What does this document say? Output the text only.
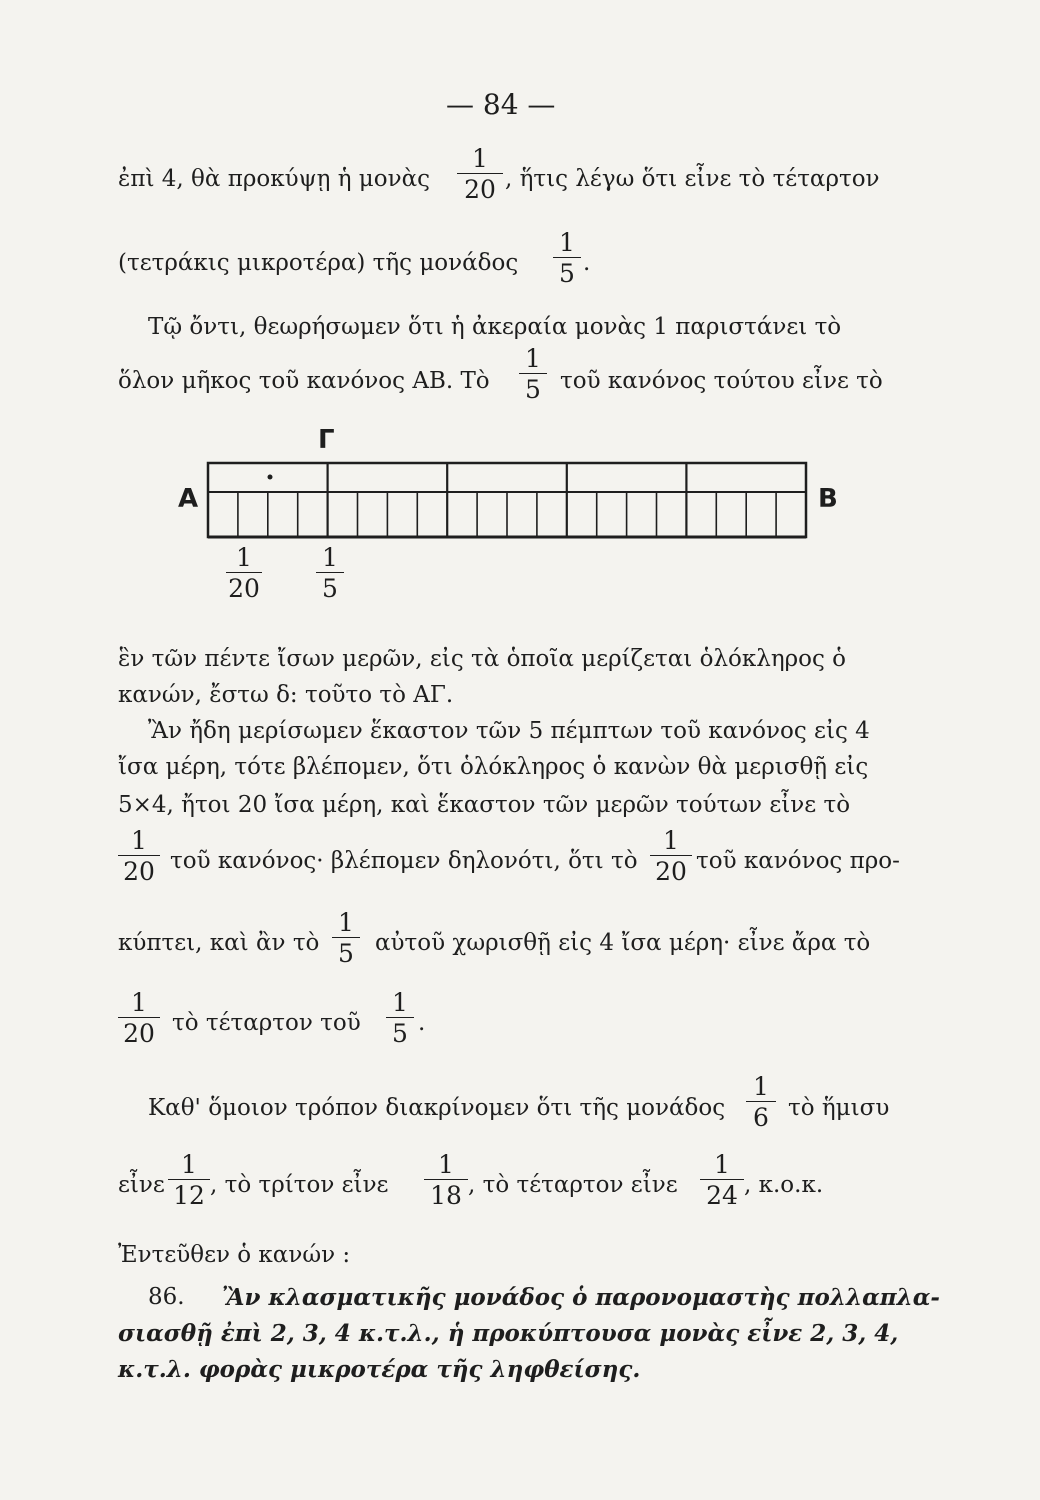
— 84 —
ἐπὶ 4, θὰ προκύψῃ ἡ μονὰς
1
20 , ἥτις λέγω ὅτι εἶνε τὸ τέταρτον
(τετράκις μικροτέρα) τῆς μονάδος
1
5 .
Τῷ ὄντι, θεωρήσωμεν ὅτι ἡ ἀκεραία μονὰς 1 παριστάνει τὸ
ὅλον μῆκος τοῦ κανόνος ΑΒ. Τὸ
1
5 τοῦ κανόνος τούτου εἶνε τὸ
Γ
Α	Β
1
20
1
5
ἓν τῶν πέντε ἴσων μερῶν, εἰς τὰ ὁποῖα μερίζεται ὁλόκληρος ὁ
κανών, ἔστω δ: τοῦτο τὸ ΑΓ.
Ἂν ἤδη μερίσωμεν ἕκαστον τῶν 5 πέμπτων τοῦ κανόνος εἰς 4
ἴσα μέρη, τότε βλέπομεν, ὅτι ὁλόκληρος ὁ κανὼν θὰ μερισθῇ εἰς
5×4, ἤτοι 20 ἴσα μέρη, καὶ ἕκαστον τῶν μερῶν τούτων εἶνε τὸ
1
20 τοῦ κανόνος· βλέπομεν δηλονότι, ὅτι τὸ
1
20 τοῦ κανόνος προ-
κύπτει, καὶ ἂν τὸ
1
5 αὐτοῦ χωρισθῇ εἰς 4 ἴσα μέρη· εἶνε ἄρα τὸ
1
20 τὸ τέταρτον τοῦ
1
5 .
Καθ' ὅμοιον τρόπον διακρίνομεν ὅτι τῆς μονάδος
1
6 τὸ ἥμισυ
εἶνε
1
12 , τὸ τρίτον εἶνε
1
18 , τὸ τέταρτον εἶνε
1
24 , κ.ο.κ.
Ἐντεῦθεν ὁ κανών :
86. Ἂν κλασματικῆς μονάδος ὁ παρονομαστὴς πολλαπλα-
σιασθῇ ἐπὶ 2, 3, 4 κ.τ.λ., ἡ προκύπτουσα μονὰς εἶνε 2, 3, 4,
κ.τ.λ. φορὰς μικροτέρα τῆς ληφθείσης.
